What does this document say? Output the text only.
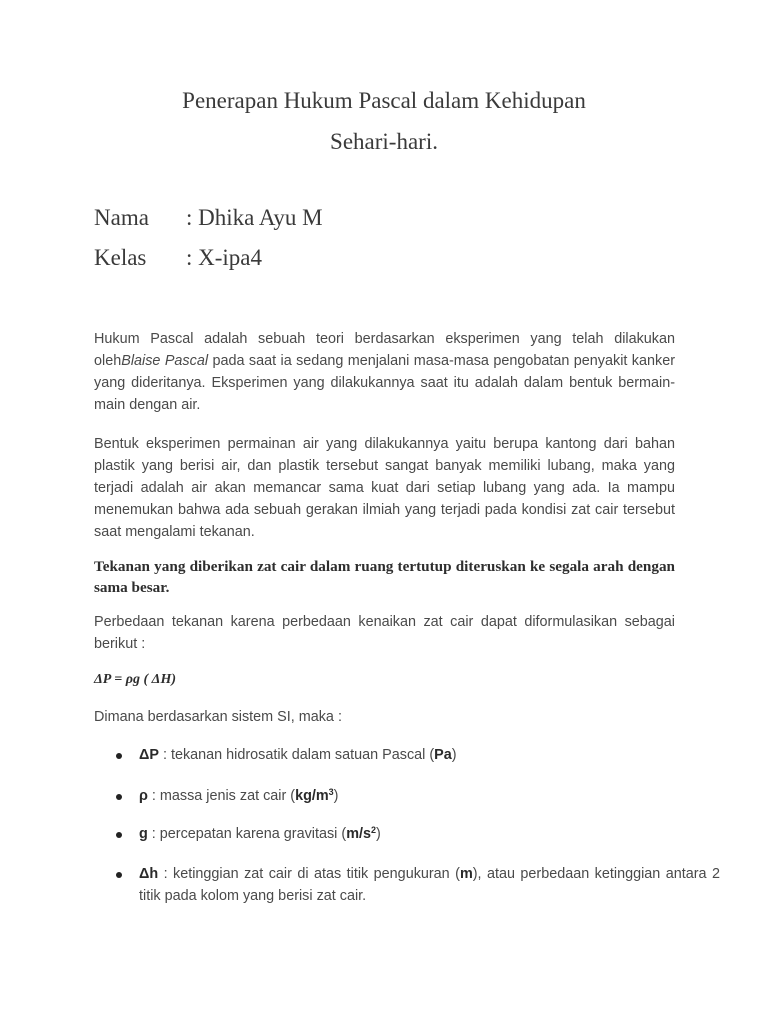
Penerapan Hukum Pascal dalam Kehidupan
Sehari-hari.
Nama : Dhika Ayu M
Kelas : X-ipa4

Hukum Pascal adalah sebuah teori berdasarkan eksperimen yang telah dilakukan olehBlaise Pascal pada saat ia sedang menjalani masa-masa pengobatan penyakit kanker yang dideritanya. Eksperimen yang dilakukannya saat itu adalah dalam bentuk bermain-main dengan air.

Bentuk eksperimen permainan air yang dilakukannya yaitu berupa kantong dari bahan plastik yang berisi air, dan plastik tersebut sangat banyak memiliki lubang, maka yang terjadi adalah air akan memancar sama kuat dari setiap lubang yang ada. Ia mampu menemukan bahwa ada sebuah gerakan ilmiah yang terjadi pada kondisi zat cair tersebut saat mengalami tekanan.

Tekanan yang diberikan zat cair dalam ruang tertutup diteruskan ke segala arah dengan sama besar.

Perbedaan tekanan karena perbedaan kenaikan zat cair dapat diformulasikan sebagai berikut :

ΔP = ρg ( ΔH)

Dimana berdasarkan sistem SI, maka :

ΔP : tekanan hidrosatik dalam satuan Pascal (Pa)
ρ : massa jenis zat cair $(kg/m^3)$
g : percepatan karena gravitasi $(m/s^2)$
Δh : ketinggian zat cair di atas titik pengukuran (m), atau perbedaan ketinggian antara 2 titik pada kolom yang berisi zat cair.
